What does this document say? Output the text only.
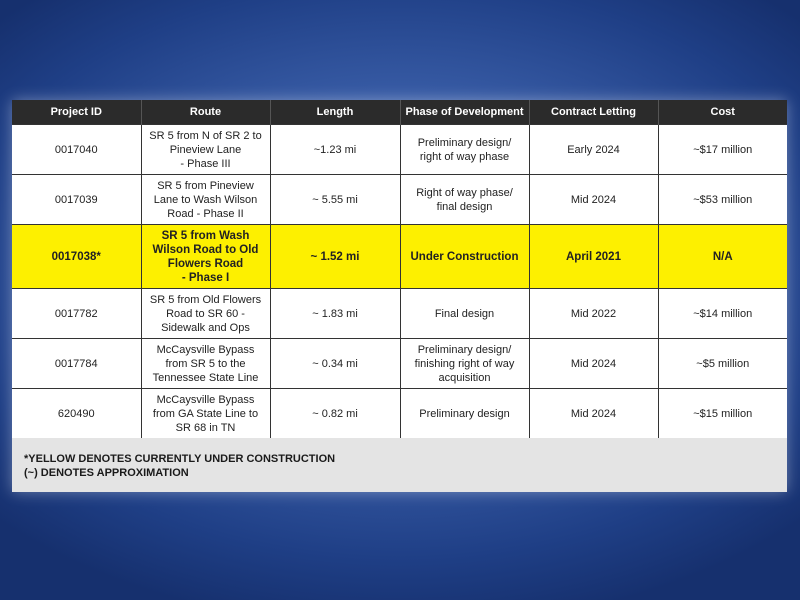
Project ID	Route	Length	Phase of Development	Contract Letting	Cost
0017040	SR 5 from N of SR 2 to
Pineview Lane
- Phase III	~1.23 mi	Preliminary design/
right of way phase	Early 2024	~$17 million
0017039	SR 5 from Pineview
Lane to Wash Wilson
Road - Phase II	~ 5.55 mi	Right of way phase/
final design	Mid 2024	~$53 million
0017038*	SR 5 from Wash
Wilson Road to Old
Flowers Road
- Phase I	~ 1.52 mi	Under Construction	April 2021	N/A
0017782	SR 5 from Old Flowers
Road to SR 60 -
Sidewalk and Ops	~ 1.83 mi	Final design	Mid 2022	~$14 million
0017784	McCaysville Bypass
from SR 5 to the
Tennessee State Line	~ 0.34 mi	Preliminary design/
finishing right of way
acquisition	Mid 2024	~$5 million
620490	McCaysville Bypass
from GA State Line to
SR 68 in TN	~ 0.82 mi	Preliminary design	Mid 2024	~$15 million
*YELLOW DENOTES CURRENTLY UNDER CONSTRUCTION
(~) DENOTES APPROXIMATION
